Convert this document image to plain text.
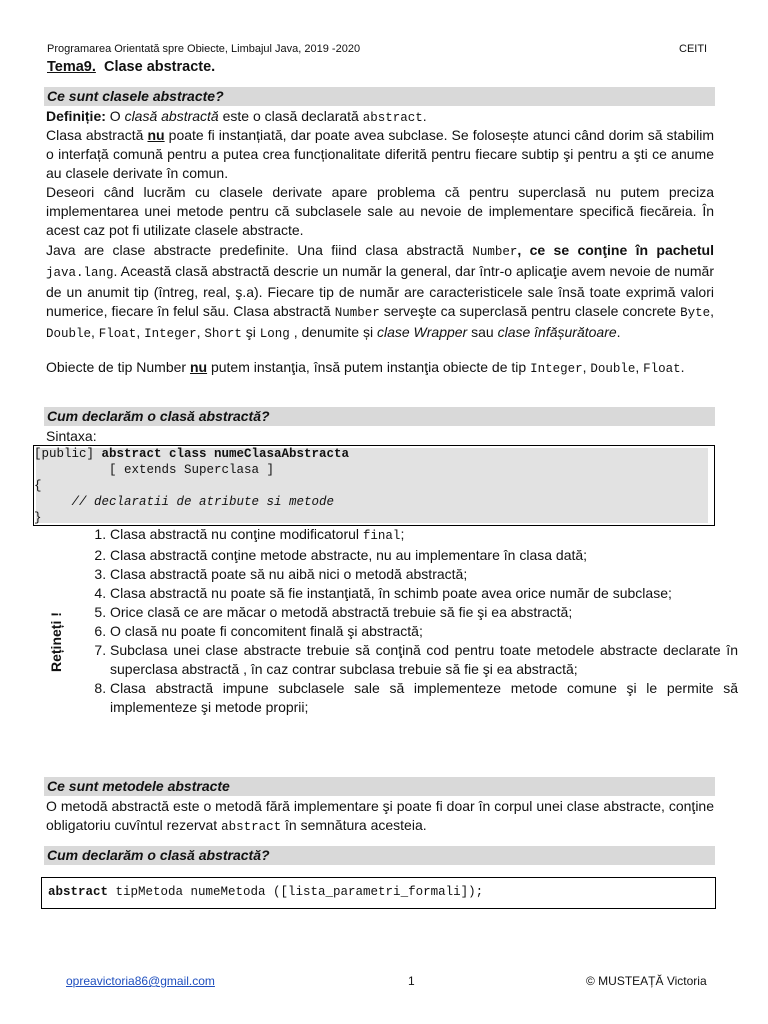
Programarea Orientată spre Obiecte, Limbajul Java, 2019 -2020	CEITI
Tema9. Clase abstracte.
Ce sunt clasele abstracte?

Definiție: O clasă abstractă este o clasă declarată abstract.

Clasa abstractă nu poate fi instanțiată, dar poate avea subclase. Se folosește atunci când dorim să stabilim o interfață comună pentru a putea crea funcționalitate diferită pentru fiecare subtip şi pentru a şti ce anume au clasele derivate în comun.

Deseori când lucrăm cu clasele derivate apare problema că pentru superclasă nu putem preciza implementarea unei metode pentru că subclasele sale au nevoie de implementare specifică fiecăreia. În acest caz pot fi utilizate clasele abstracte.

Java are clase abstracte predefinite. Una fiind clasa abstractă Number, ce se conţine în pachetul java.lang. Această clasă abstractă descrie un număr la general, dar într-o aplicaţie avem nevoie de număr de un anumit tip (întreg, real, ş.a). Fiecare tip de număr are caracteristicele sale însă toate exprimă valori numerice, fiecare în felul său. Clasa abstractă Number serveşte ca superclasă pentru clasele concrete Byte, Double, Float, Integer, Short şi Long , denumite și clase Wrapper sau clase înfășurătoare.

Obiecte de tip Number nu putem instanţia, însă putem instanţia obiecte de tip Integer, Double, Float.

Cum declarăm o clasă abstractă?
Sintaxa:
[public] abstract class numeClasaAbstracta
[ extends Superclasa ]
{
// declaratii de atribute si metode
}
Rețineți !
1. Clasa abstractă nu conţine modificatorul final;
2. Clasa abstractă conţine metode abstracte, nu au implementare în clasa dată;
3. Clasa abstractă poate să nu aibă nici o metodă abstractă;
4. Clasa abstractă nu poate să fie instanţiată, în schimb poate avea orice număr de subclase;
5. Orice clasă ce are măcar o metodă abstractă trebuie să fie şi ea abstractă;
6. O clasă nu poate fi concomitent finală şi abstractă;
7. Subclasa unei clase abstracte trebuie să conţină cod pentru toate metodele abstracte declarate în superclasa abstractă , în caz contrar subclasa trebuie să fie şi ea abstractă;
8. Clasa abstractă impune subclasele sale să implementeze metode comune şi le permite să implementeze şi metode proprii;
Ce sunt metodele abstracte

O metodă abstractă este o metodă fără implementare şi poate fi doar în corpul unei clase abstracte, conţine obligatoriu cuvîntul rezervat abstract în semnătura acesteia.

Cum declarăm o clasă abstractă?
abstract tipMetoda numeMetoda ([lista_parametri_formali]);
opreavictoria86@gmail.com	1	© MUSTEAȚĂ Victoria
